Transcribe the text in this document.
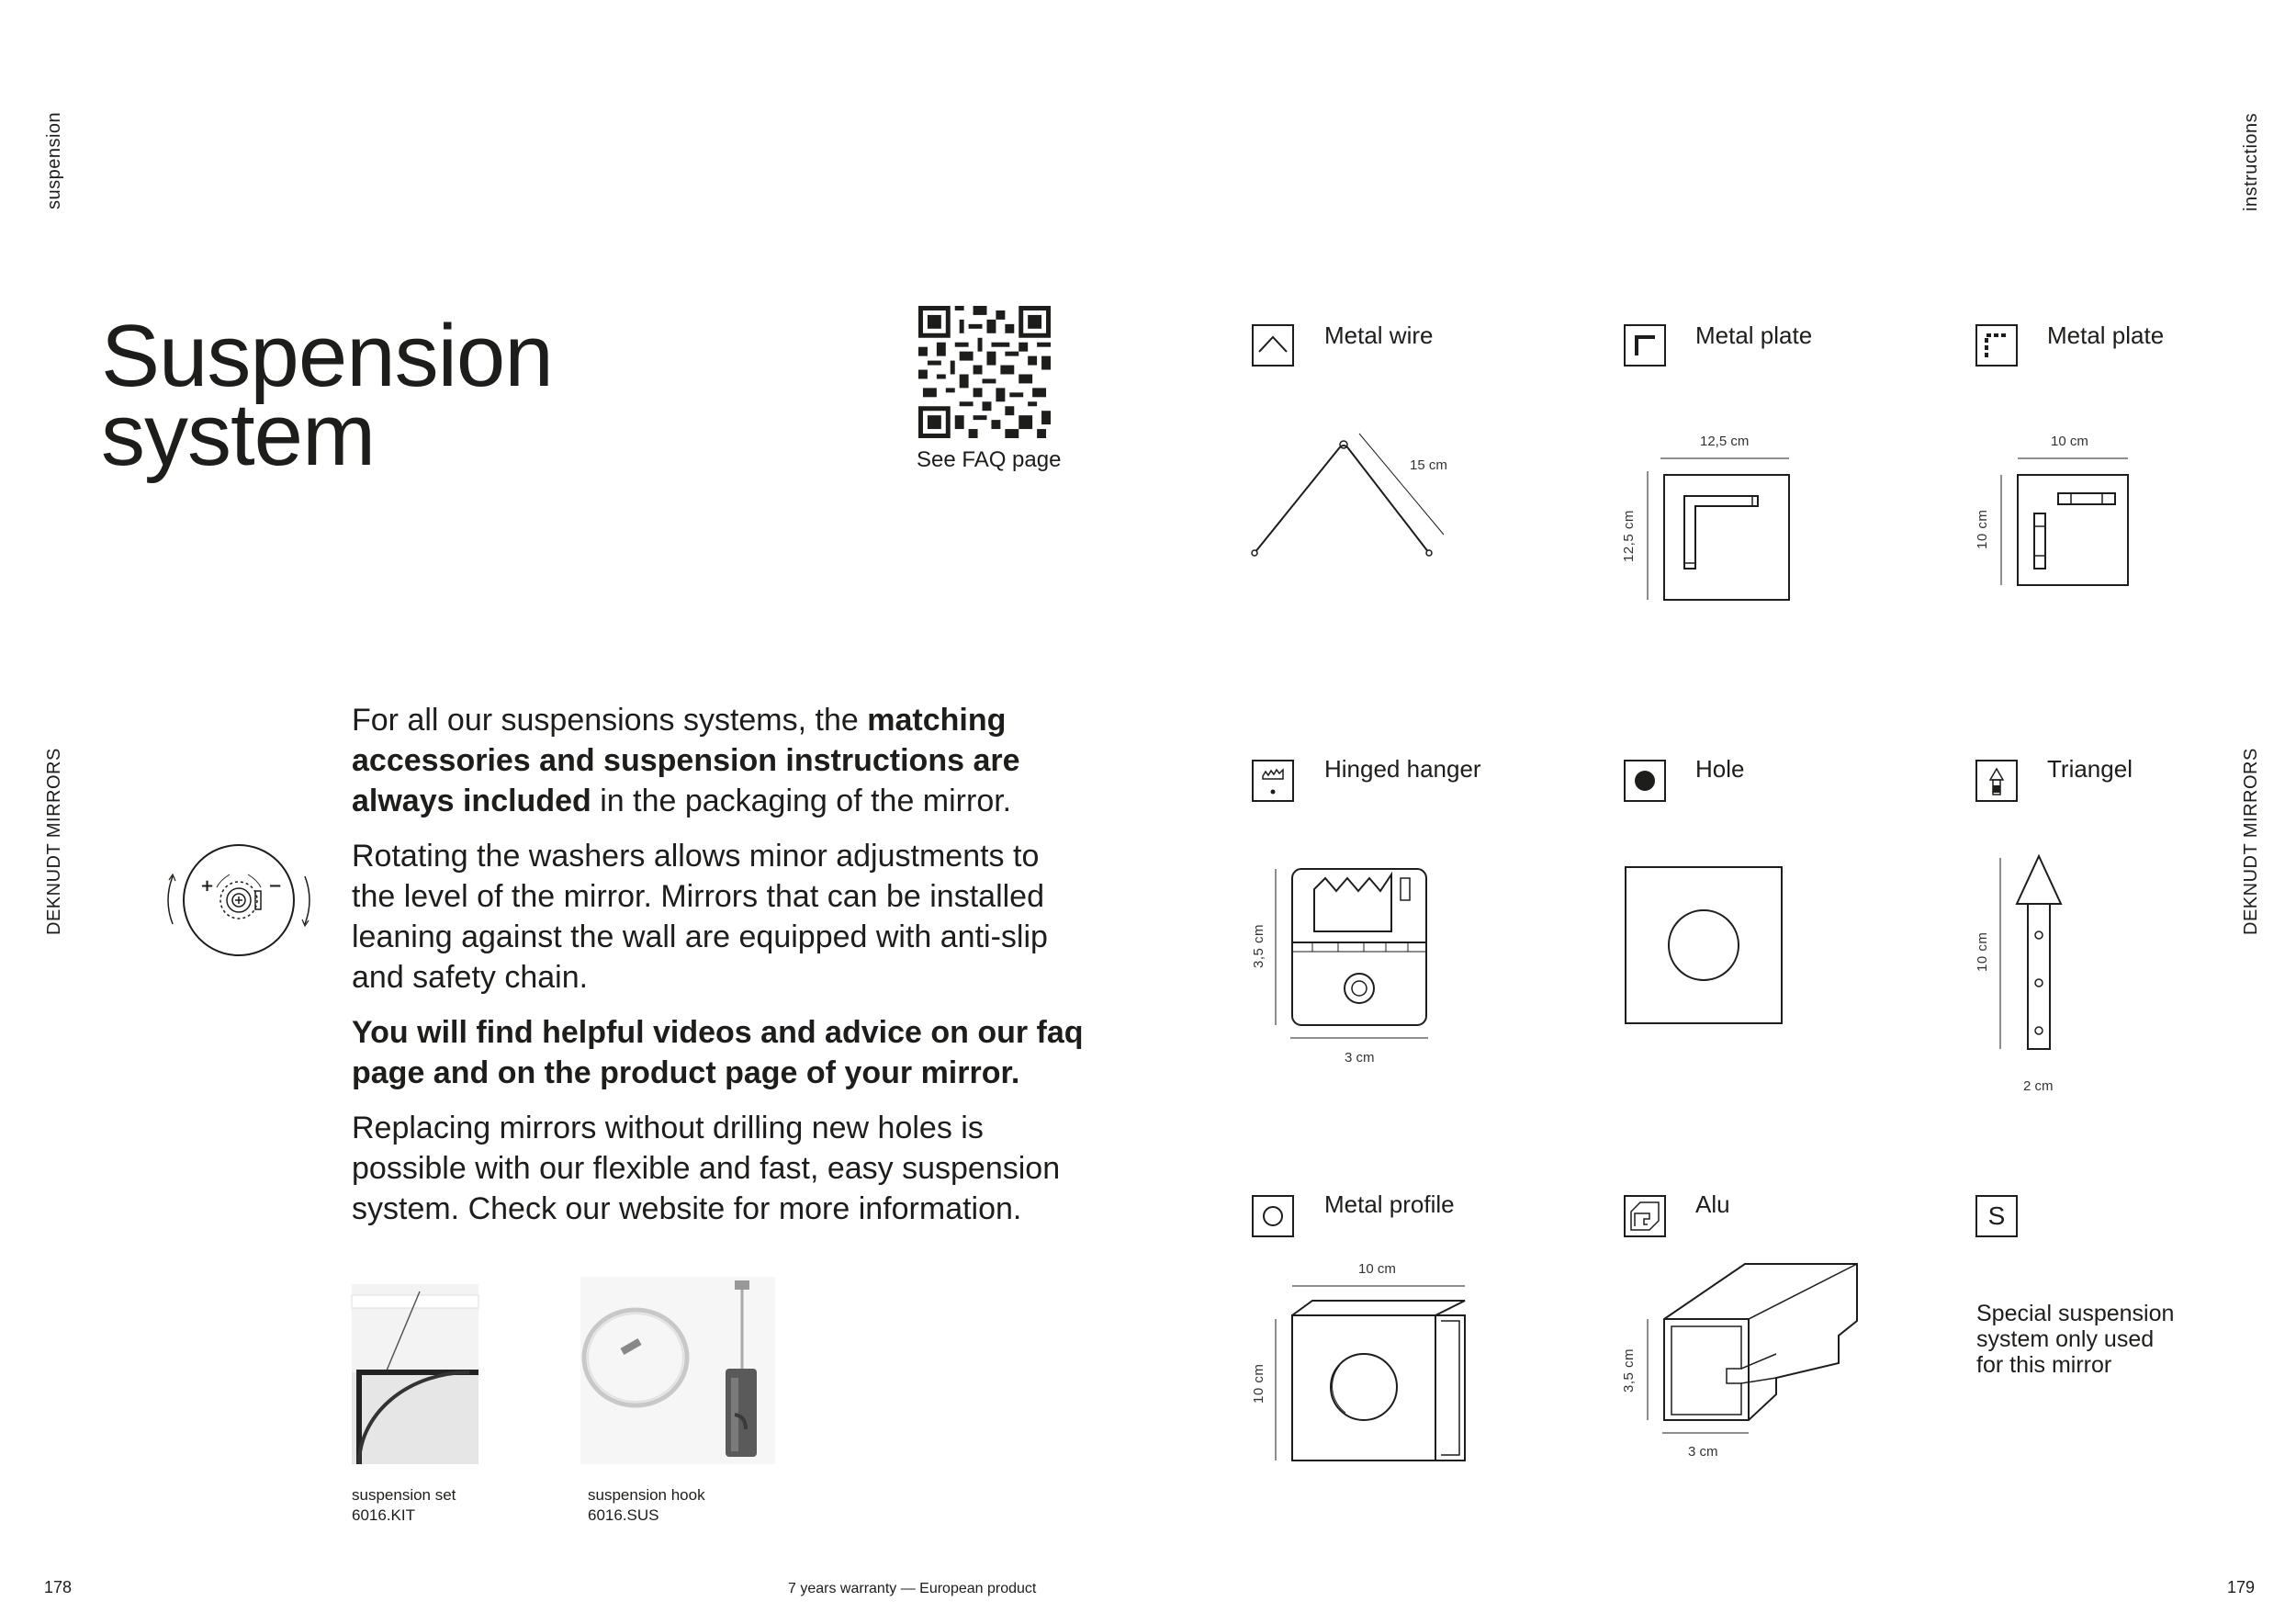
suspension
DEKNUDT MIRRORS
instructions
DEKNUDT MIRRORS
Suspension
system	See FAQ page
+	−

For all our suspensions systems, the matching accessories and suspension instructions are always included in the packaging of the mirror.

Rotating the washers allows minor adjustments to the level of the mirror. Mirrors that can be installed leaning against the wall are equipped with anti-slip and safety chain.

You will find helpful videos and advice on our faq page and on the product page of your mirror.

Replacing mirrors without drilling new holes is possible with our flexible and fast, easy suspension system. Check our website for more information.

suspension set
6016.KIT
suspension hook
6016.SUS
Metal wire
15 cm
Metal plate
12,5 cm
12,5 cm
Metal plate
10 cm
10 cm
Hinged hanger
3,5 cm
3 cm
Hole	Triangel
10 cm
2 cm
Metal profile
10 cm
10 cm
Alu
3,5 cm
3 cm
S
Special suspension
system only used
for this mirror
178	7 years warranty — European product	179
